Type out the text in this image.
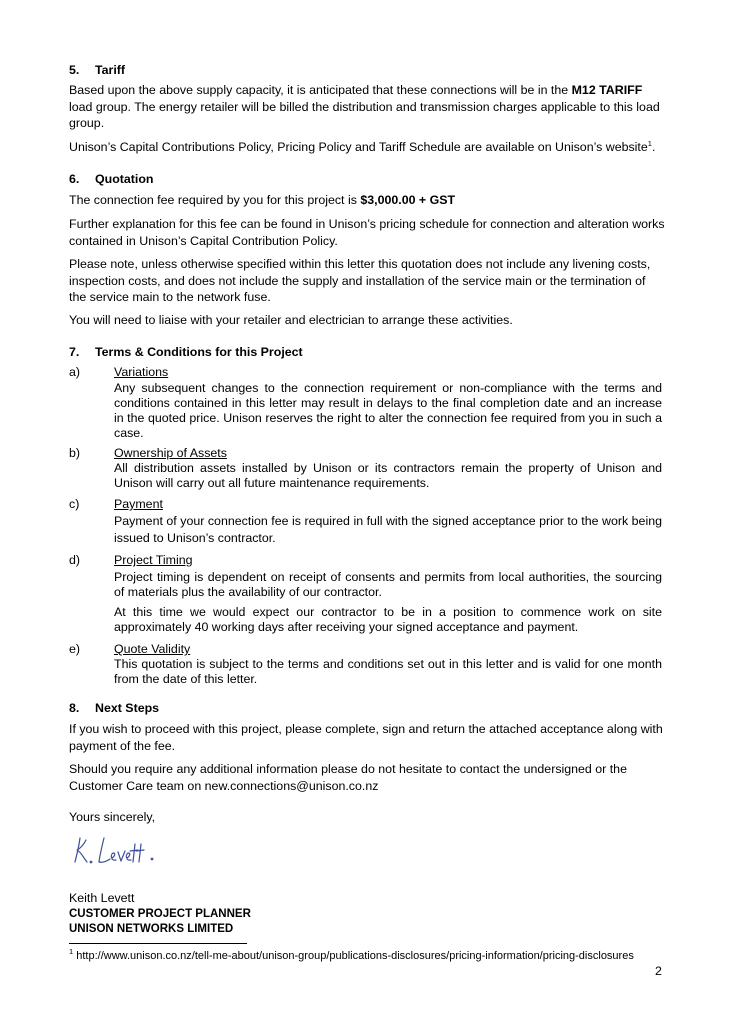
5. Tariff
Based upon the above supply capacity, it is anticipated that these connections will be in the M12 TARIFF load group. The energy retailer will be billed the distribution and transmission charges applicable to this load group.
Unison’s Capital Contributions Policy, Pricing Policy and Tariff Schedule are available on Unison’s website$^1$.
6. Quotation
The connection fee required by you for this project is $3,000.00 + GST
Further explanation for this fee can be found in Unison’s pricing schedule for connection and alteration works contained in Unison’s Capital Contribution Policy.
Please note, unless otherwise specified within this letter this quotation does not include any livening costs, inspection costs, and does not include the supply and installation of the service main or the termination of the service main to the network fuse.
You will need to liaise with your retailer and electrician to arrange these activities.
7. Terms & Conditions for this Project
a)	Variations
Any subsequent changes to the connection requirement or non-compliance with the terms and conditions contained in this letter may result in delays to the final completion date and an increase in the quoted price. Unison reserves the right to alter the connection fee required from you in such a case.
b)	Ownership of Assets
All distribution assets installed by Unison or its contractors remain the property of Unison and Unison will carry out all future maintenance requirements.
c)	Payment
Payment of your connection fee is required in full with the signed acceptance prior to the work being issued to Unison’s contractor.
d)	Project Timing
Project timing is dependent on receipt of consents and permits from local authorities, the sourcing of materials plus the availability of our contractor.
At this time we would expect our contractor to be in a position to commence work on site approximately 40 working days after receiving your signed acceptance and payment.
e)	Quote Validity
This quotation is subject to the terms and conditions set out in this letter and is valid for one month from the date of this letter.
8. Next Steps
If you wish to proceed with this project, please complete, sign and return the attached acceptance along with payment of the fee.
Should you require any additional information please do not hesitate to contact the undersigned or the Customer Care team on new.connections@unison.co.nz
Yours sincerely,
Keith Levett
CUSTOMER PROJECT PLANNER
UNISON NETWORKS LIMITED
$^1$ http://www.unison.co.nz/tell-me-about/unison-group/publications-disclosures/pricing-information/pricing-disclosures
2
